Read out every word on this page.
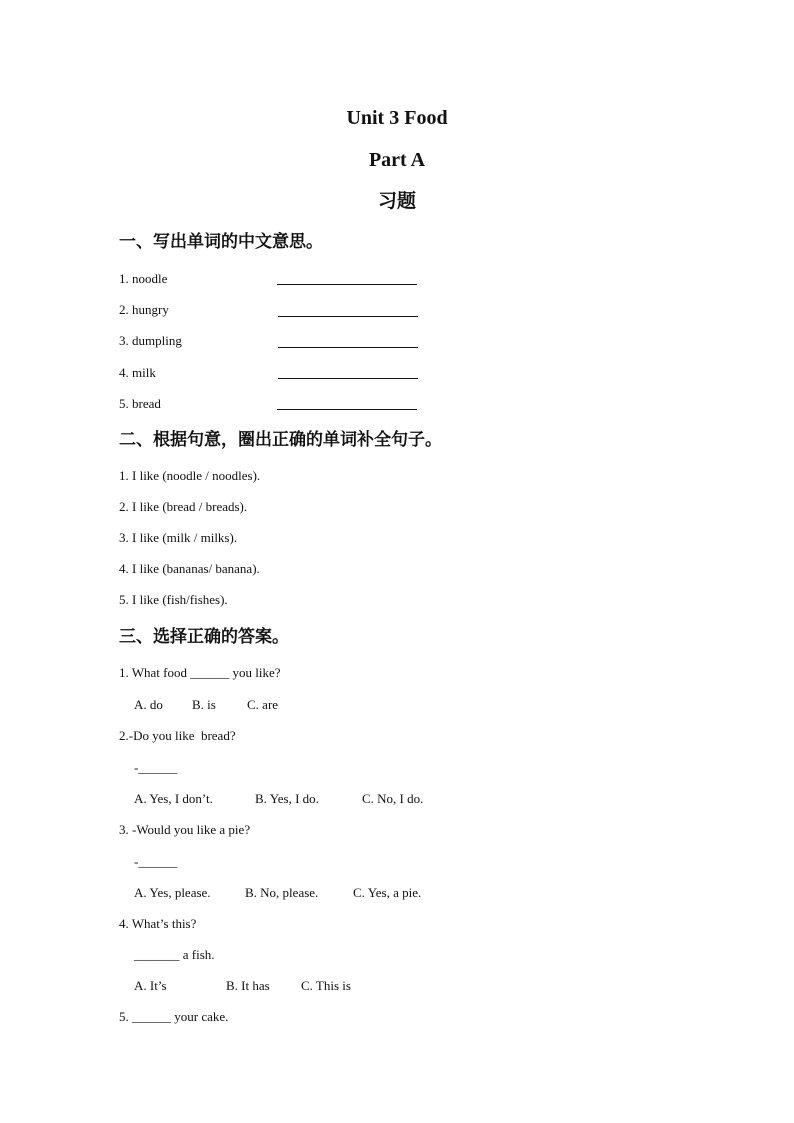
Unit 3 Food
Part A
习题
一、写出单词的中文意思。
1. noodle
2. hungry
3. dumpling
4. milk
5. bread
二、根据句意，圈出正确的单词补全句子。
1. I like (noodle / noodles).
2. I like (bread / breads).
3. I like (milk / milks).
4. I like (bananas/ banana).
5. I like (fish/fishes).
三、选择正确的答案。
1. What food ______ you like?
A. do B. is C. are
2.-Do you like  bread?
-______
A. Yes, I don’t.	B. Yes, I do.	C. No, I do.
3. -Would you like a pie?
-______
A. Yes, please.	B. No, please.	C. Yes, a pie.
4. What’s this?
_______ a fish.
A. It’s	B. It has C. This is
5. ______ your cake.
